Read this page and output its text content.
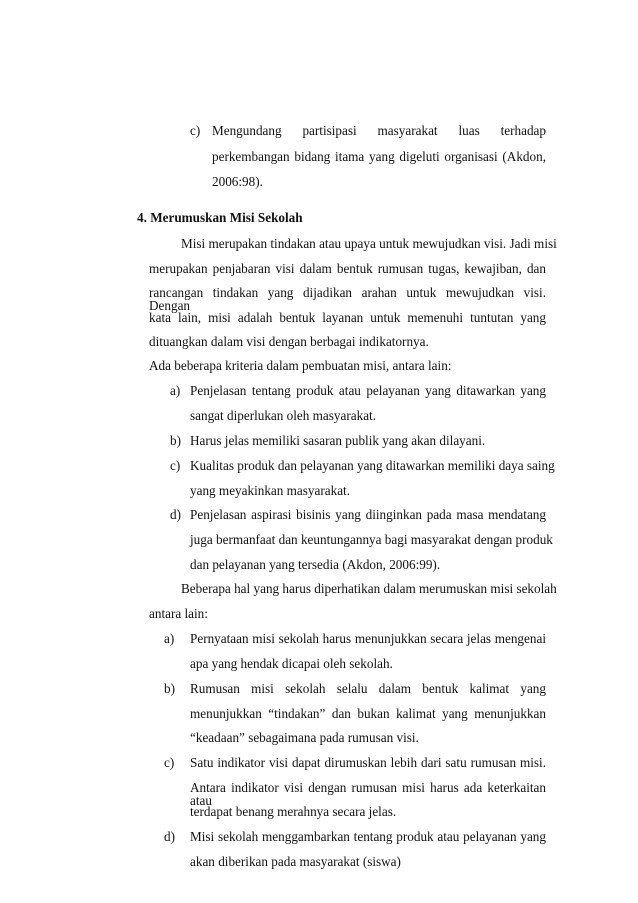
c) Mengundang partisipasi masyarakat luas terhadap
perkembangan bidang itama yang digeluti organisasi (Akdon,
2006:98).
4. Merumuskan Misi Sekolah
Misi merupakan tindakan atau upaya untuk mewujudkan visi. Jadi misi
merupakan penjabaran visi dalam bentuk rumusan tugas, kewajiban, dan
rancangan tindakan yang dijadikan arahan untuk mewujudkan visi. Dengan
kata lain, misi adalah bentuk layanan untuk memenuhi tuntutan yang
dituangkan dalam visi dengan berbagai indikatornya.
Ada beberapa kriteria dalam pembuatan misi, antara lain:
a) Penjelasan tentang produk atau pelayanan yang ditawarkan yang
sangat diperlukan oleh masyarakat.
b) Harus jelas memiliki sasaran publik yang akan dilayani.
c) Kualitas produk dan pelayanan yang ditawarkan memiliki daya saing
yang meyakinkan masyarakat.
d) Penjelasan aspirasi bisinis yang diinginkan pada masa mendatang
juga bermanfaat dan keuntungannya bagi masyarakat dengan produk
dan pelayanan yang tersedia (Akdon, 2006:99).
Beberapa hal yang harus diperhatikan dalam merumuskan misi sekolah
antara lain:
a) Pernyataan misi sekolah harus menunjukkan secara jelas mengenai
apa yang hendak dicapai oleh sekolah.
b) Rumusan misi sekolah selalu dalam bentuk kalimat yang
menunjukkan “tindakan” dan bukan kalimat yang menunjukkan
“keadaan” sebagaimana pada rumusan visi.
c) Satu indikator visi dapat dirumuskan lebih dari satu rumusan misi.
Antara indikator visi dengan rumusan misi harus ada keterkaitan atau
terdapat benang merahnya secara jelas.
d) Misi sekolah menggambarkan tentang produk atau pelayanan yang
akan diberikan pada masyarakat (siswa)
